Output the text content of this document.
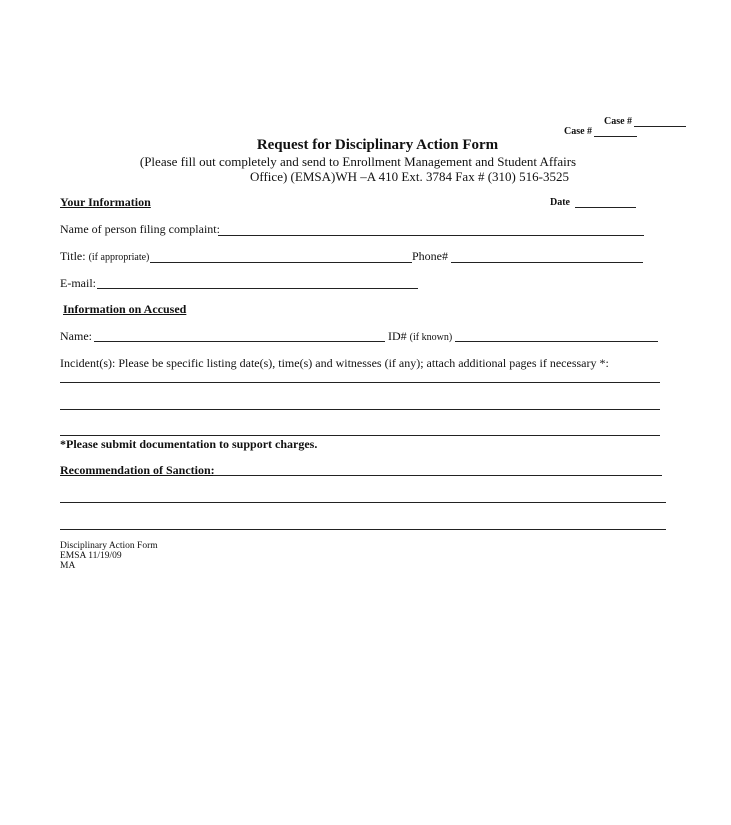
Case #
Case #
Request for Disciplinary Action Form
(Please fill out completely and send to Enrollment Management and Student Affairs
Office) (EMSA)WH –A 410 Ext. 3784 Fax # (310) 516-3525
Your Information	Date
Name of person filing complaint:
Title: (if appropriate)	Phone#
E-mail:
Information on Accused
Name:	ID# (if known)
Incident(s): Please be specific listing date(s), time(s) and witnesses (if any); attach additional pages if necessary *:
*Please submit documentation to support charges.
Recommendation of Sanction:
Disciplinary Action Form
EMSA 11/19/09
MA
